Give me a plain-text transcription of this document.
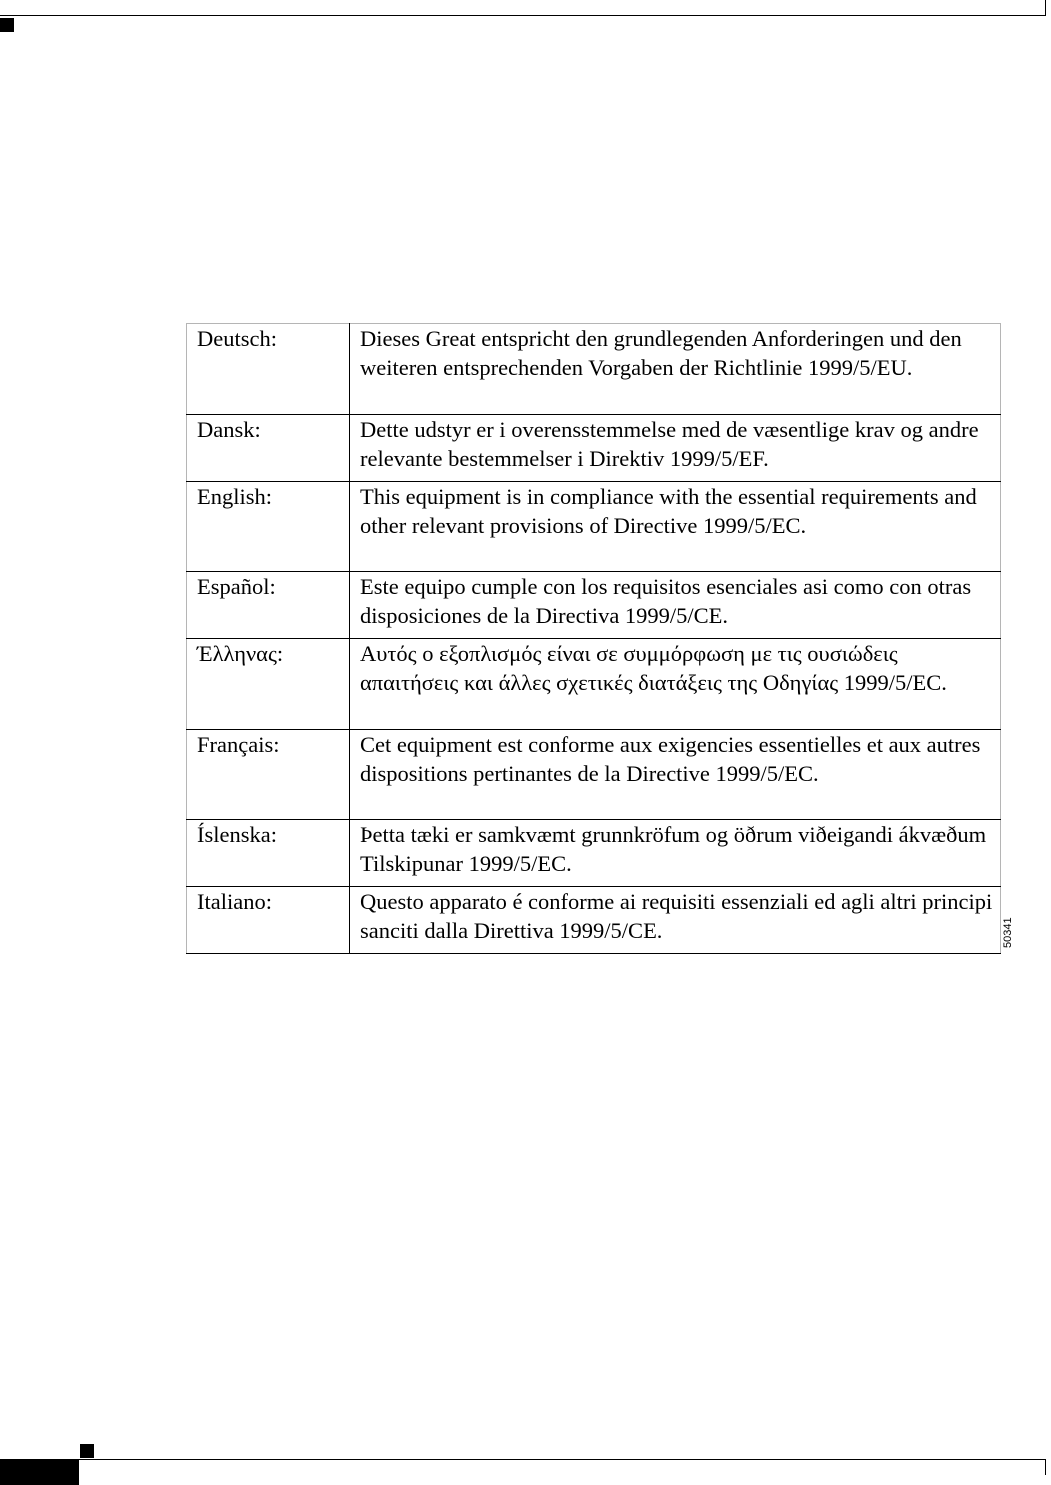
Deutsch:	Dieses Great entspricht den grundlegenden Anforderingen und den weiteren entsprechenden Vorgaben der Richtlinie 1999/5/EU.
Dansk:	Dette udstyr er i overensstemmelse med de væsentlige krav og andre relevante bestemmelser i Direktiv 1999/5/EF.
English:	This equipment is in compliance with the essential requirements and other relevant provisions of Directive 1999/5/EC.
Español:	Este equipo cumple con los requisitos esenciales asi como con otras disposiciones de la Directiva 1999/5/CE.
Έλληνας:	Αυτός ο εξοπλισμός είναι σε συμμόρφωση με τις ουσιώδεις απαιτήσεις και άλλες σχετικές διατάξεις της Οδηγίας 1999/5/EC.
Français:	Cet equipment est conforme aux exigencies essentielles et aux autres dispositions pertinantes de la Directive 1999/5/EC.
Íslenska:	Þetta tæki er samkvæmt grunnkröfum og öðrum viðeigandi ákvæðum Tilskipunar 1999/5/EC.
Italiano:	Questo apparato é conforme ai requisiti essenziali ed agli altri principi sanciti dalla Direttiva 1999/5/CE.	50341
